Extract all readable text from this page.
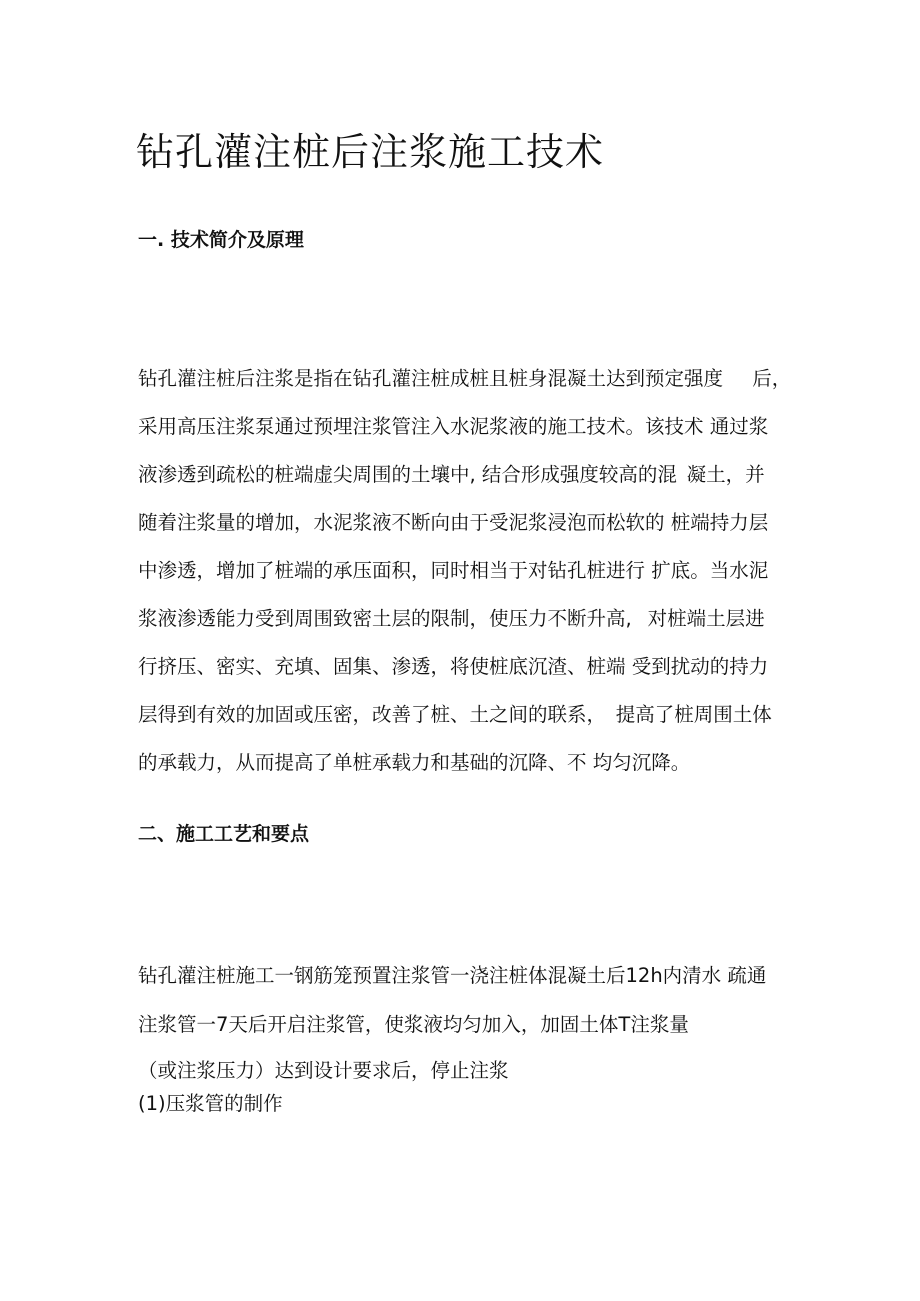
钻孔灌注桩后注浆施工技术
一. 技术简介及原理

钻孔灌注桩后注浆是指在钻孔灌注桩成桩且桩身混凝土达到预定强度　 后，

采用高压注浆泵通过预埋注浆管注入水泥浆液的施工技术。该技术 通过浆

液渗透到疏松的桩端虚尖周围的土壤中, 结合形成强度较高的混 凝土，并

随着注浆量的增加，水泥浆液不断向由于受泥浆浸泡而松软的 桩端持力层

中渗透，增加了桩端的承压面积，同时相当于对钻孔桩进行 扩底。当水泥

浆液渗透能力受到周围致密土层的限制，使压力不断升高,  对桩端土层进

行挤压、密实、充填、固集、渗透，将使桩底沉渣、桩端 受到扰动的持力

层得到有效的加固或压密，改善了桩、土之间的联系， 提高了桩周围土体

的承载力，从而提高了单桩承载力和基础的沉降、不 均匀沉降。

二、施工工艺和要点

钻孔灌注桩施工一钢筋笼预置注浆管一浇注桩体混凝土后12h内清水 疏通

注浆管一7天后开启注浆管，使浆液均匀加入，加固土体T注浆量

（或注浆压力）达到设计要求后，停止注浆

(1)压浆管的制作
